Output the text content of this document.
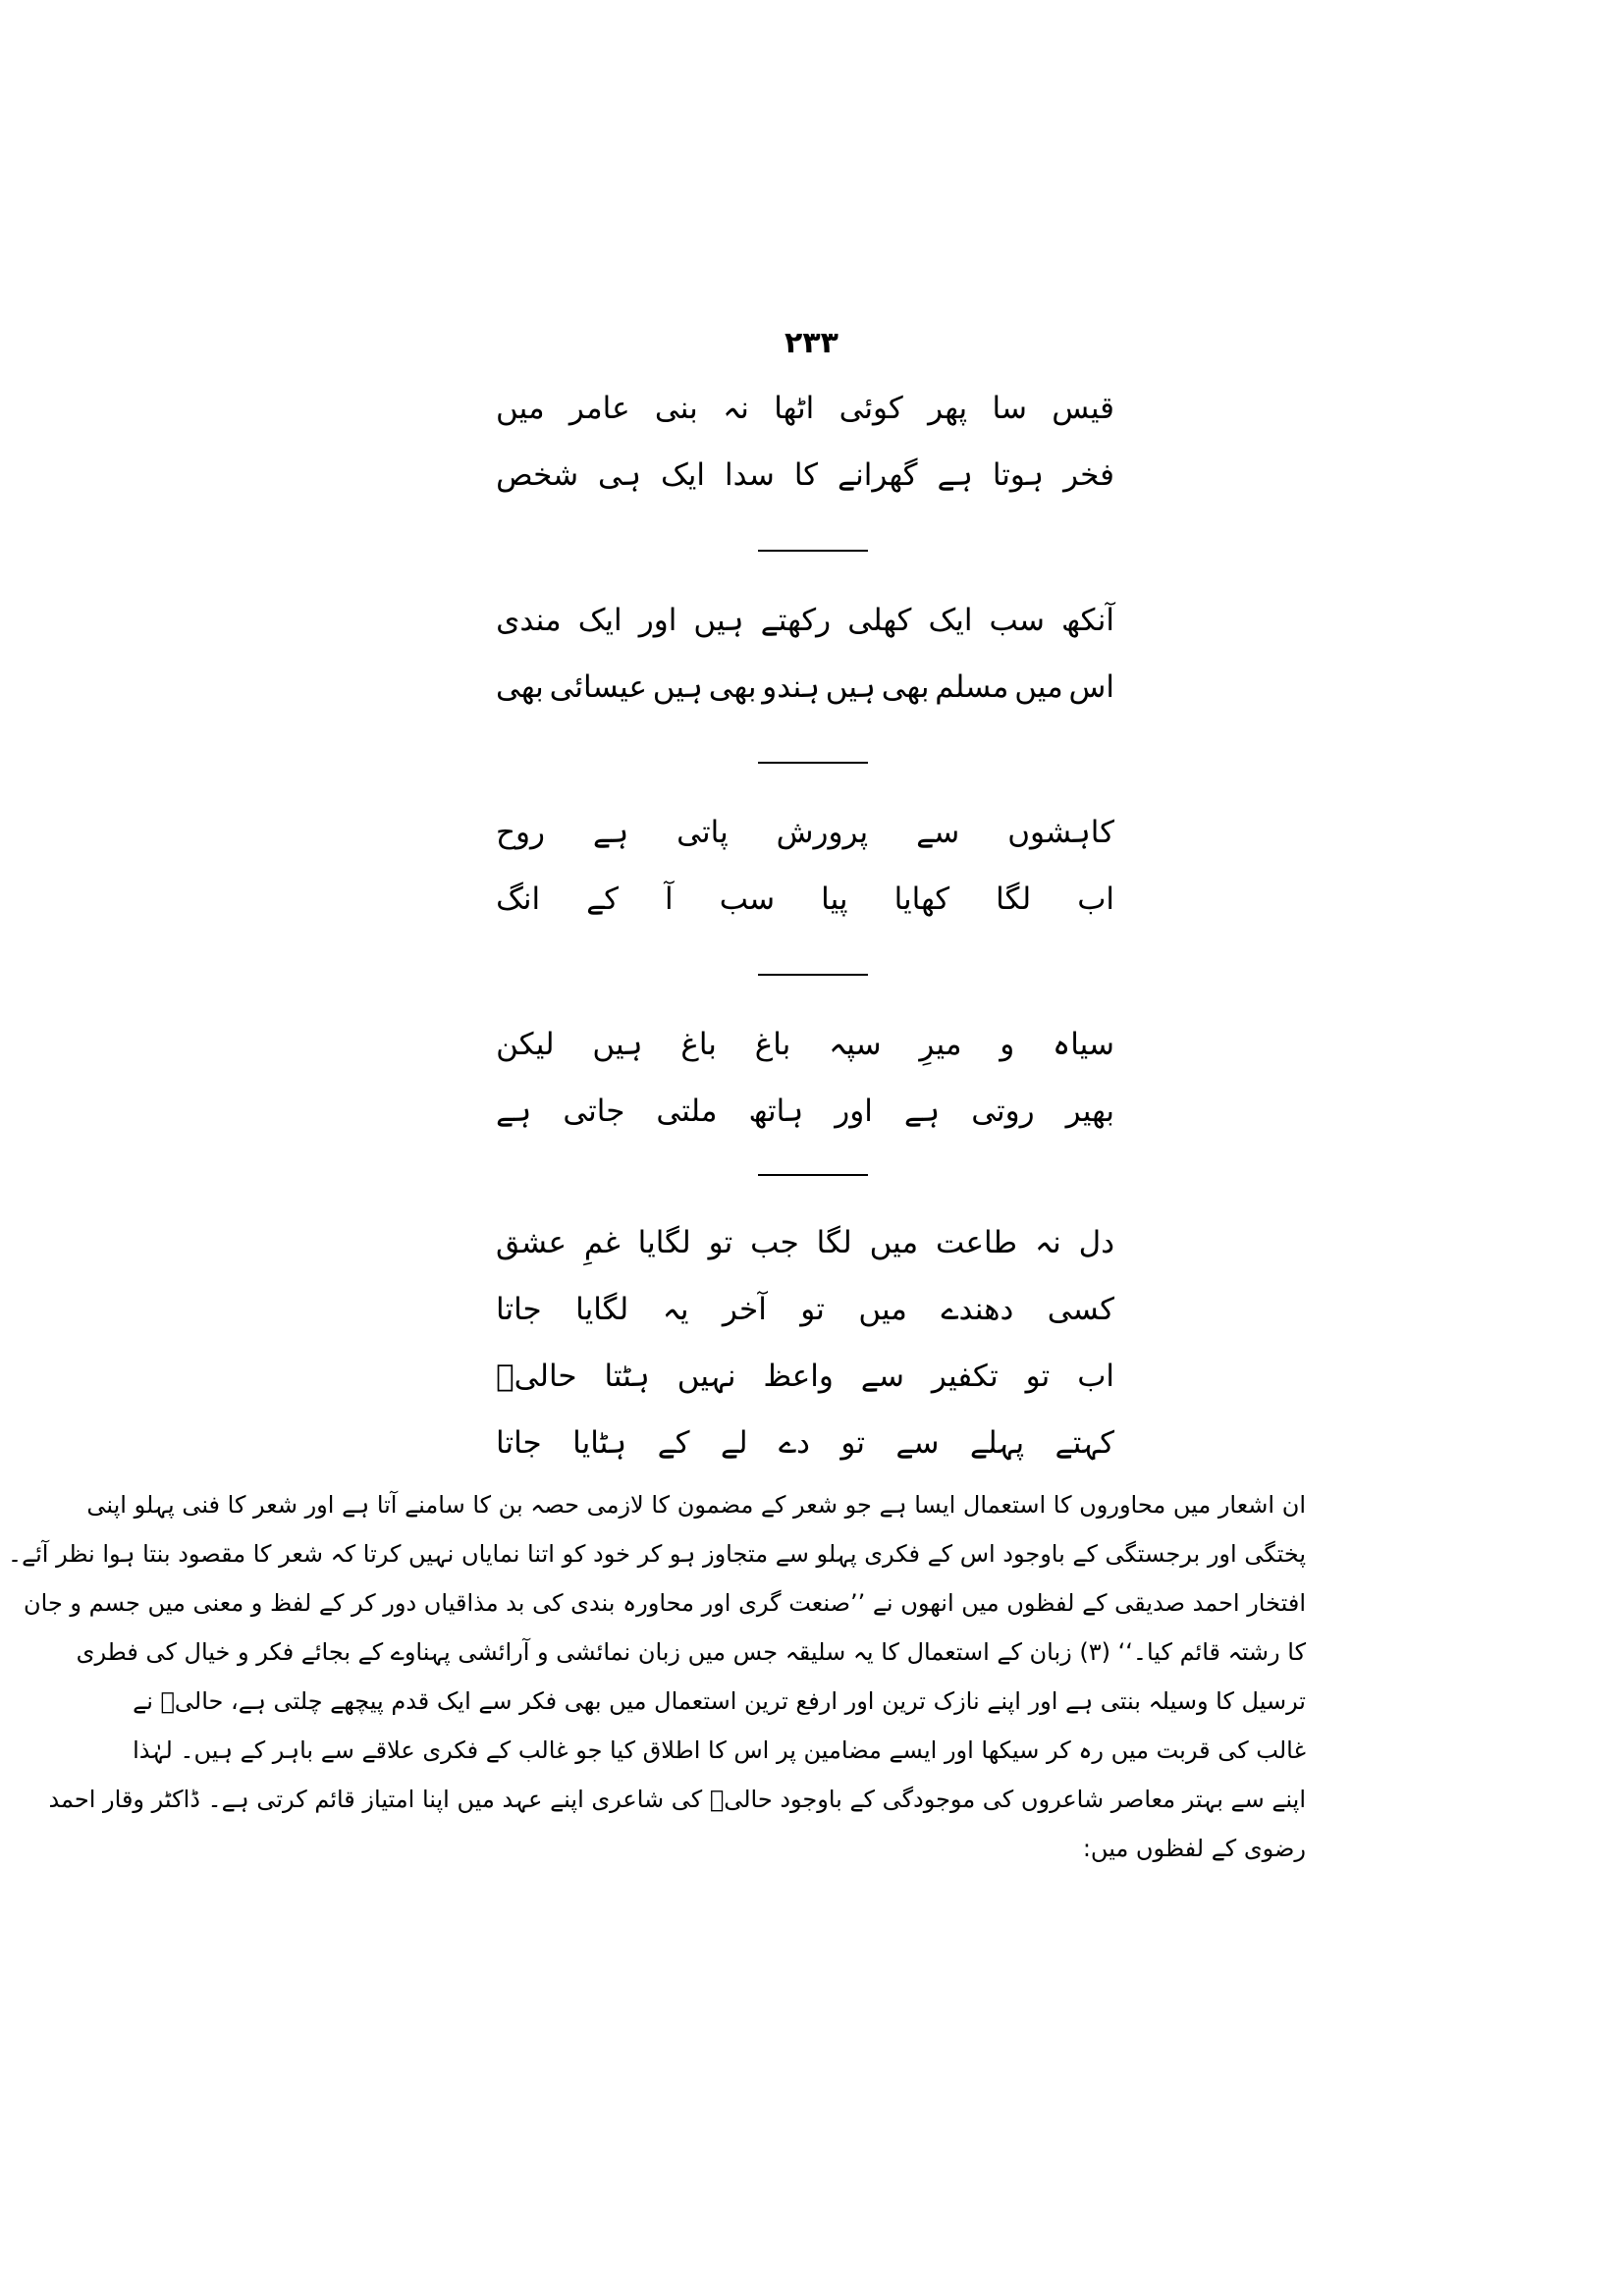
۲۳۳
قیس
سا
پھر
کوئی
اٹھا
نہ
بنی
عامر
میں
فخر
ہوتا
ہے
گھرانے
کا
سدا
ایک
ہی
شخص
آنکھ
سب
ایک
کھلی
رکھتے
ہیں
اور
ایک
مندی
اس
میں
مسلم
بھی
ہیں
ہندو
بھی
ہیں
عیسائی
بھی
کاہشوں
سے
پرورش
پاتی
ہے
روح
اب
لگا
کھایا
پیا
سب
آ
کے
انگ
سیاہ
و
میرِ
سپہ
باغ
باغ
ہیں
لیکن
بھیر
روتی
ہے
اور
ہاتھ
ملتی
جاتی
ہے
دل
نہ
طاعت
میں
لگا
جب
تو
لگایا
غمِ
عشق
کسی
دھندے
میں
تو
آخر
یہ
لگایا
جاتا
اب
تو
تکفیر
سے
واعظ
نہیں
ہٹتا
حالیؔ
کہتے
پہلے
سے
تو
دے
لے
کے
ہٹایا
جاتا
ان اشعار میں محاوروں کا استعمال ایسا ہے جو شعر کے مضمون کا لازمی حصہ بن کا سامنے آتا ہے اور شعر کا فنی پہلو اپنی
پختگی اور برجستگی کے باوجود اس کے فکری پہلو سے متجاوز ہو کر خود کو اتنا نمایاں نہیں کرتا کہ شعر کا مقصود بنتا ہوا نظر آئے۔
افتخار احمد صدیقی کے لفظوں میں انھوں نے ’’صنعت گری اور محاورہ بندی کی بد مذاقیاں دور کر کے لفظ و معنی میں جسم و جان
کا رشتہ قائم کیا۔‘‘ (۳) زبان کے استعمال کا یہ سلیقہ جس میں زبان نمائشی و آرائشی پہناوے کے بجائے فکر و خیال کی فطری
ترسیل کا وسیلہ بنتی ہے اور اپنے نازک ترین اور ارفع ترین استعمال میں بھی فکر سے ایک قدم پیچھے چلتی ہے، حالیؔ نے
غالب کی قربت میں رہ کر سیکھا اور ایسے مضامین پر اس کا اطلاق کیا جو غالب کے فکری علاقے سے باہر کے ہیں۔ لہٰذا
اپنے سے بہتر معاصر شاعروں کی موجودگی کے باوجود حالیؔ کی شاعری اپنے عہد میں اپنا امتیاز قائم کرتی ہے۔ ڈاکٹر وقار احمد
رضوی کے لفظوں میں:
